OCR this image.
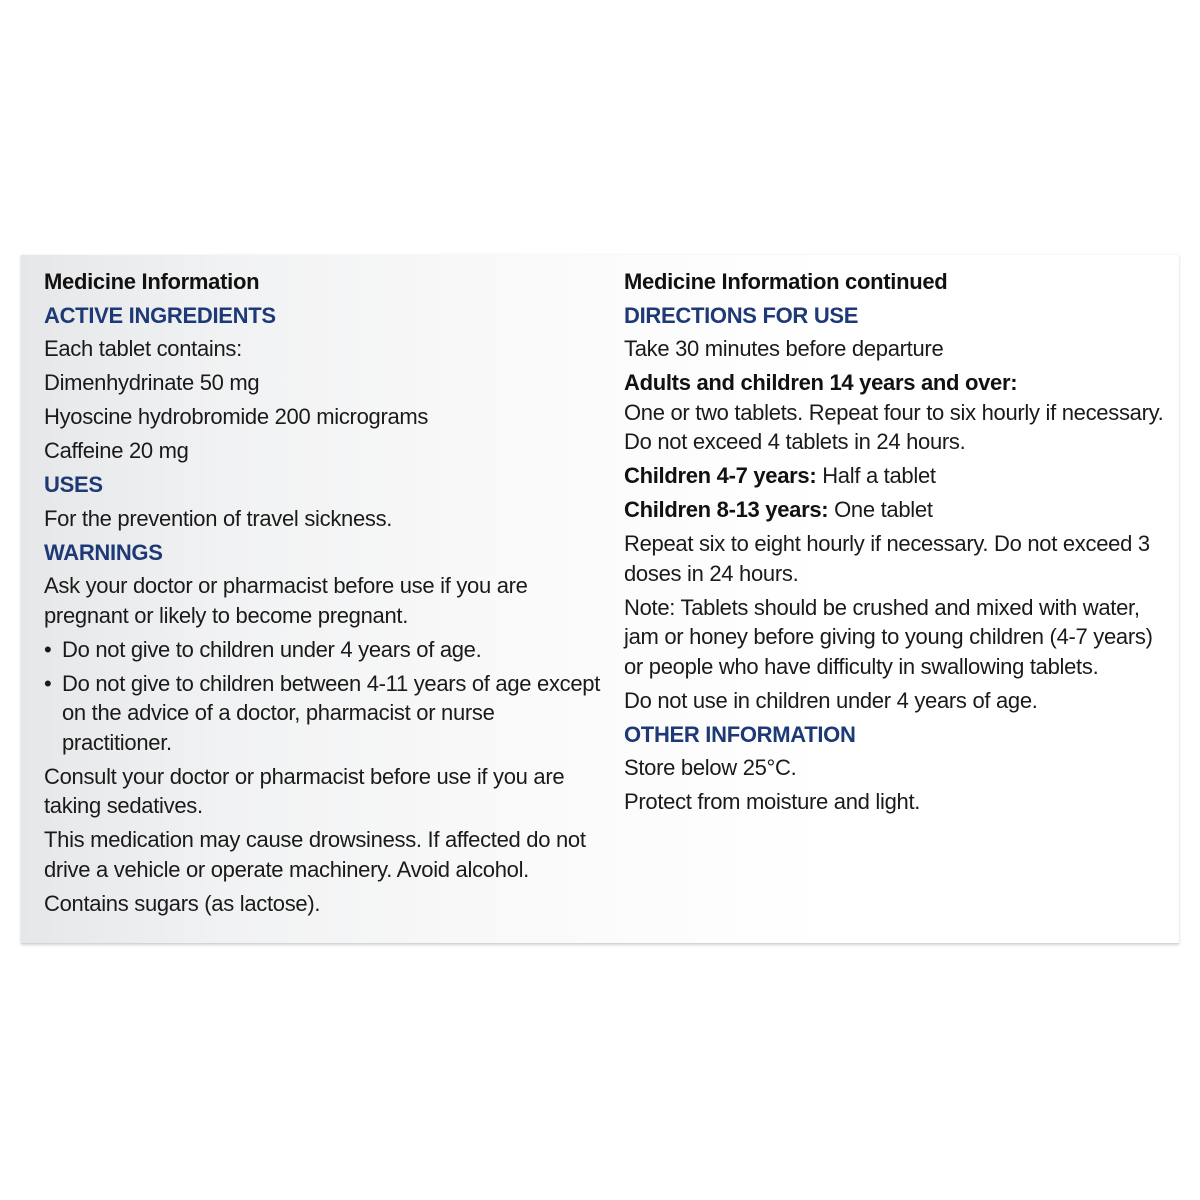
Medicine Information

ACTIVE INGREDIENTS

Each tablet contains:

Dimenhydrinate 50 mg

Hyoscine hydrobromide 200 micrograms

Caffeine 20 mg

USES

For the prevention of travel sickness.

WARNINGS

Ask your doctor or pharmacist before use if you are pregnant or likely to become pregnant.

• Do not give to children under 4 years of age.
• Do not give to children between 4-11 years of age except on the advice of a doctor, pharmacist or nurse practitioner.

Consult your doctor or pharmacist before use if you are taking sedatives.

This medication may cause drowsiness. If affected do not drive a vehicle or operate machinery. Avoid alcohol.

Contains sugars (as lactose).

Medicine Information continued

DIRECTIONS FOR USE

Take 30 minutes before departure

Adults and children 14 years and over:

One or two tablets. Repeat four to six hourly if necessary. Do not exceed 4 tablets in 24 hours.

Children 4-7 years: Half a tablet

Children 8-13 years: One tablet

Repeat six to eight hourly if necessary. Do not exceed 3 doses in 24 hours.

Note: Tablets should be crushed and mixed with water, jam or honey before giving to young children (4-7 years) or people who have difficulty in swallowing tablets.

Do not use in children under 4 years of age.

OTHER INFORMATION

Store below 25°C.

Protect from moisture and light.
